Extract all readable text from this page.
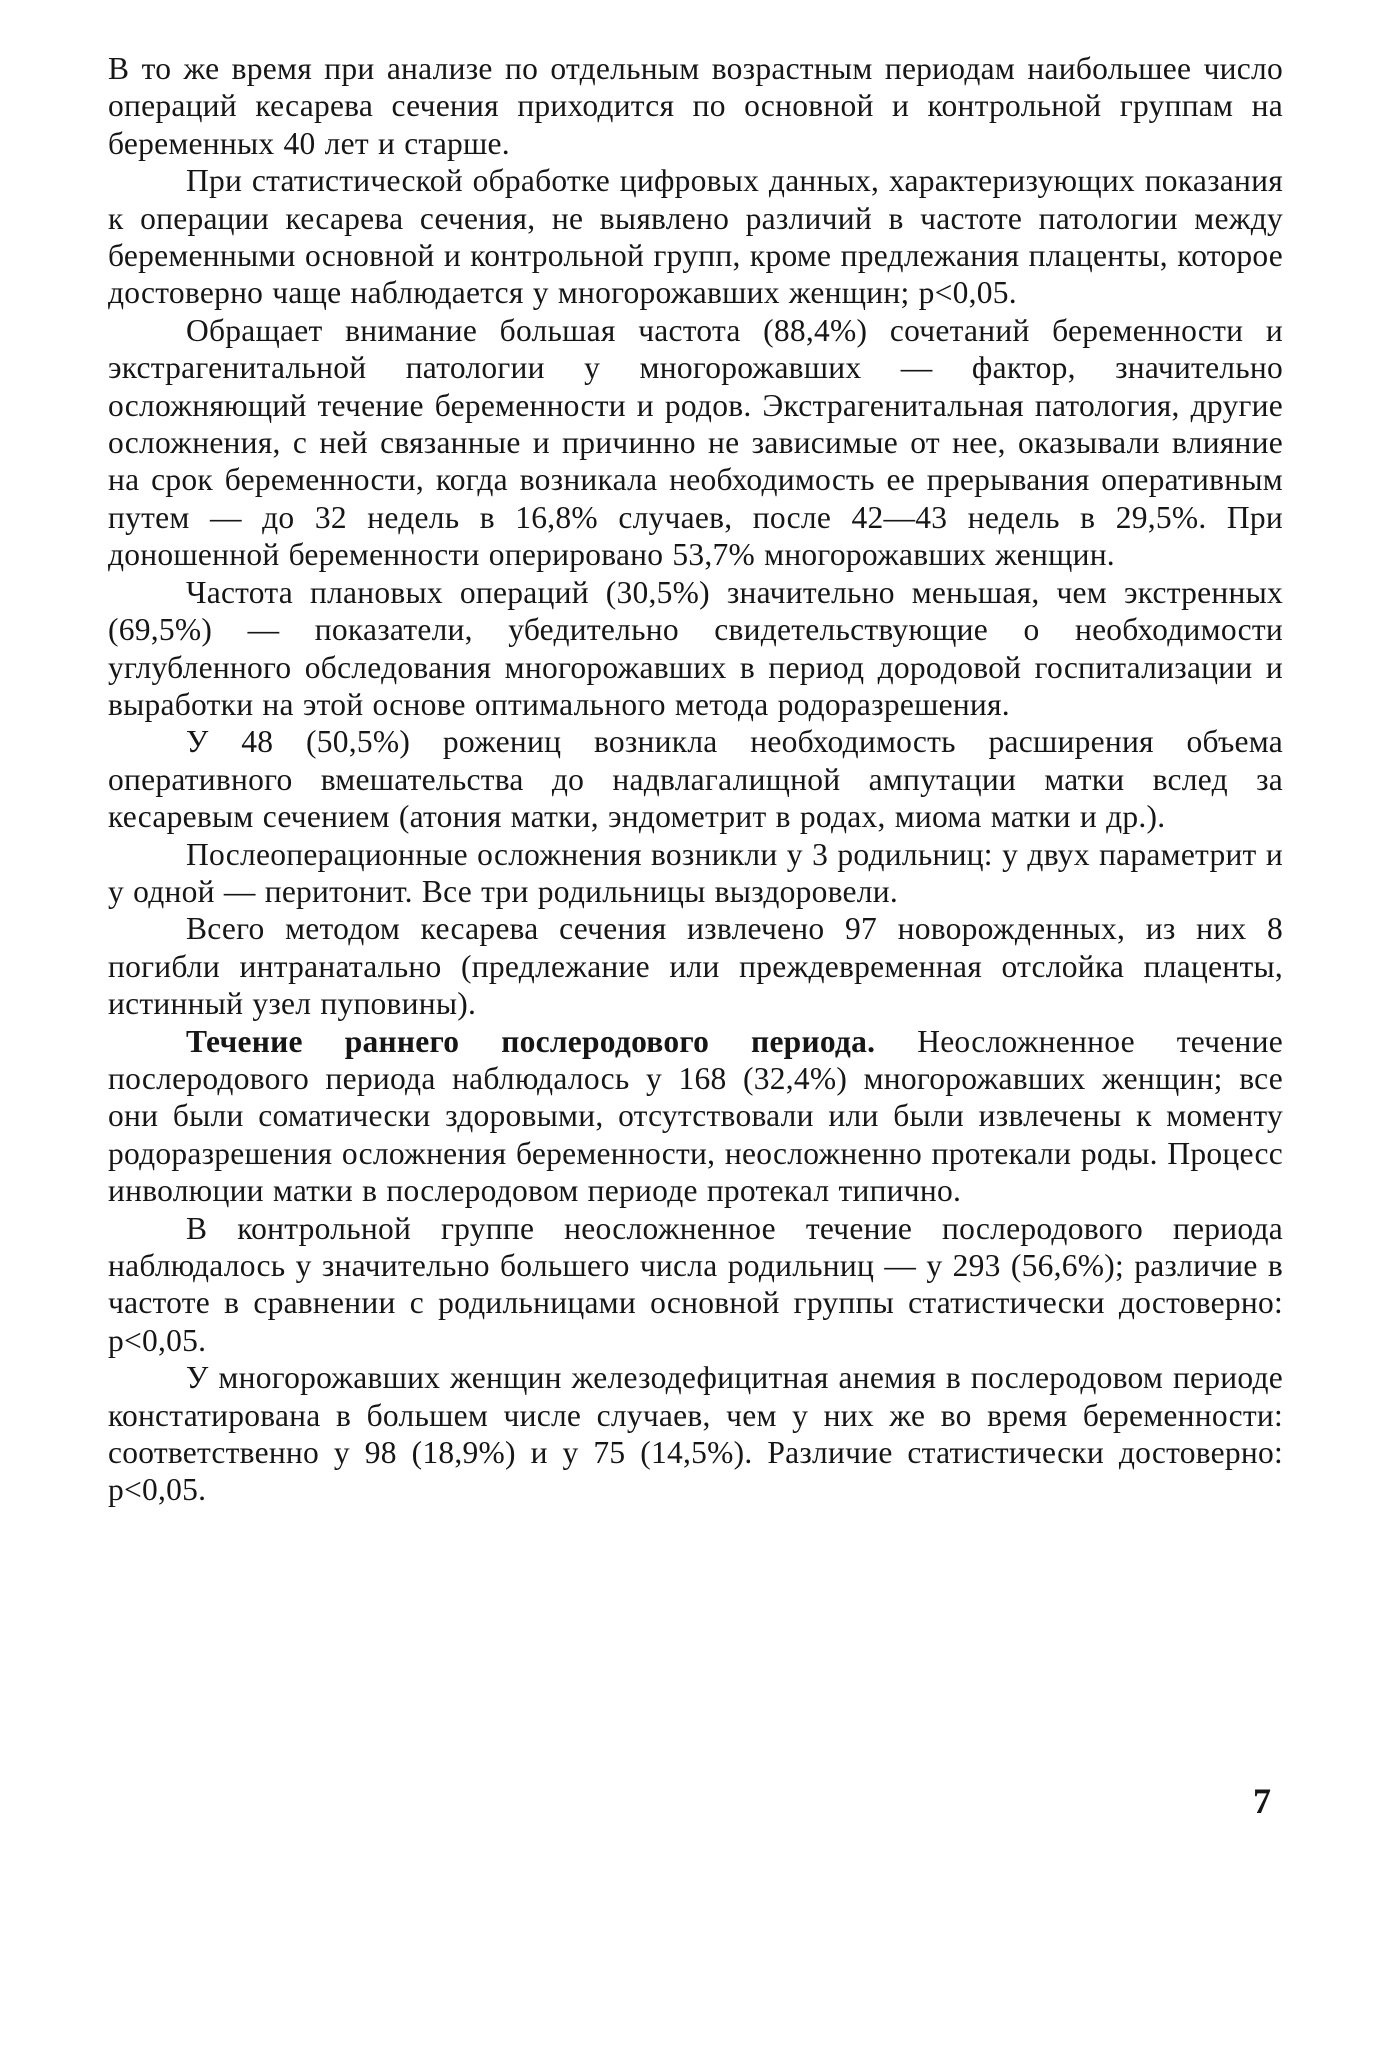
В то же время при анализе по отдельным возрастным периодам наибольшее число операций кесарева сечения приходится по основной и контрольной группам на беременных 40 лет и старше.

При статистической обработке цифровых данных, характеризующих показания к операции кесарева сечения, не выявлено различий в частоте патологии между беременными основной и контрольной групп, кроме предлежания плаценты, которое достоверно чаще наблюдается у многорожавших женщин; р<0,05.

Обращает внимание большая частота (88,4%) сочетаний беременности и экстрагенитальной патологии у многорожавших — фактор, значительно осложняющий течение беременности и родов. Экстрагенитальная патология, другие осложнения, с ней связанные и причинно не зависимые от нее, оказывали влияние на срок беременности, когда возникала необходимость ее прерывания оперативным путем — до 32 недель в 16,8% случаев, после 42—43 недель в 29,5%. При доношенной беременности оперировано 53,7% многорожавших женщин.

Частота плановых операций (30,5%) значительно меньшая, чем экстренных (69,5%) — показатели, убедительно свидетельствующие о необходимости углубленного обследования многорожавших в период дородовой госпитализации и выработки на этой основе оптимального метода родоразрешения.

У 48 (50,5%) рожениц возникла необходимость расширения объема оперативного вмешательства до надвлагалищной ампутации матки вслед за кесаревым сечением (атония матки, эндометрит в родах, миома матки и др.).

Послеоперационные осложнения возникли у 3 родильниц: у двух параметрит и у одной — перитонит. Все три родильницы выздоровели.

Всего методом кесарева сечения извлечено 97 новорожденных, из них 8 погибли интранатально (предлежание или преждевременная отслойка плаценты, истинный узел пуповины).

Течение раннего послеродового периода. Неосложненное течение послеродового периода наблюдалось у 168 (32,4%) многорожавших женщин; все они были соматически здоровыми, отсутствовали или были извлечены к моменту родоразрешения осложнения беременности, неосложненно протекали роды. Процесс инволюции матки в послеродовом периоде протекал типично.

В контрольной группе неосложненное течение послеродового периода наблюдалось у значительно большего числа родильниц — у 293 (56,6%); различие в частоте в сравнении с родильницами основной группы статистически достоверно: р<0,05.

У многорожавших женщин железодефицитная анемия в послеродовом периоде констатирована в большем числе случаев, чем у них же во время беременности: соответственно у 98 (18,9%) и у 75 (14,5%). Различие статистически достоверно: р<0,05.

7
